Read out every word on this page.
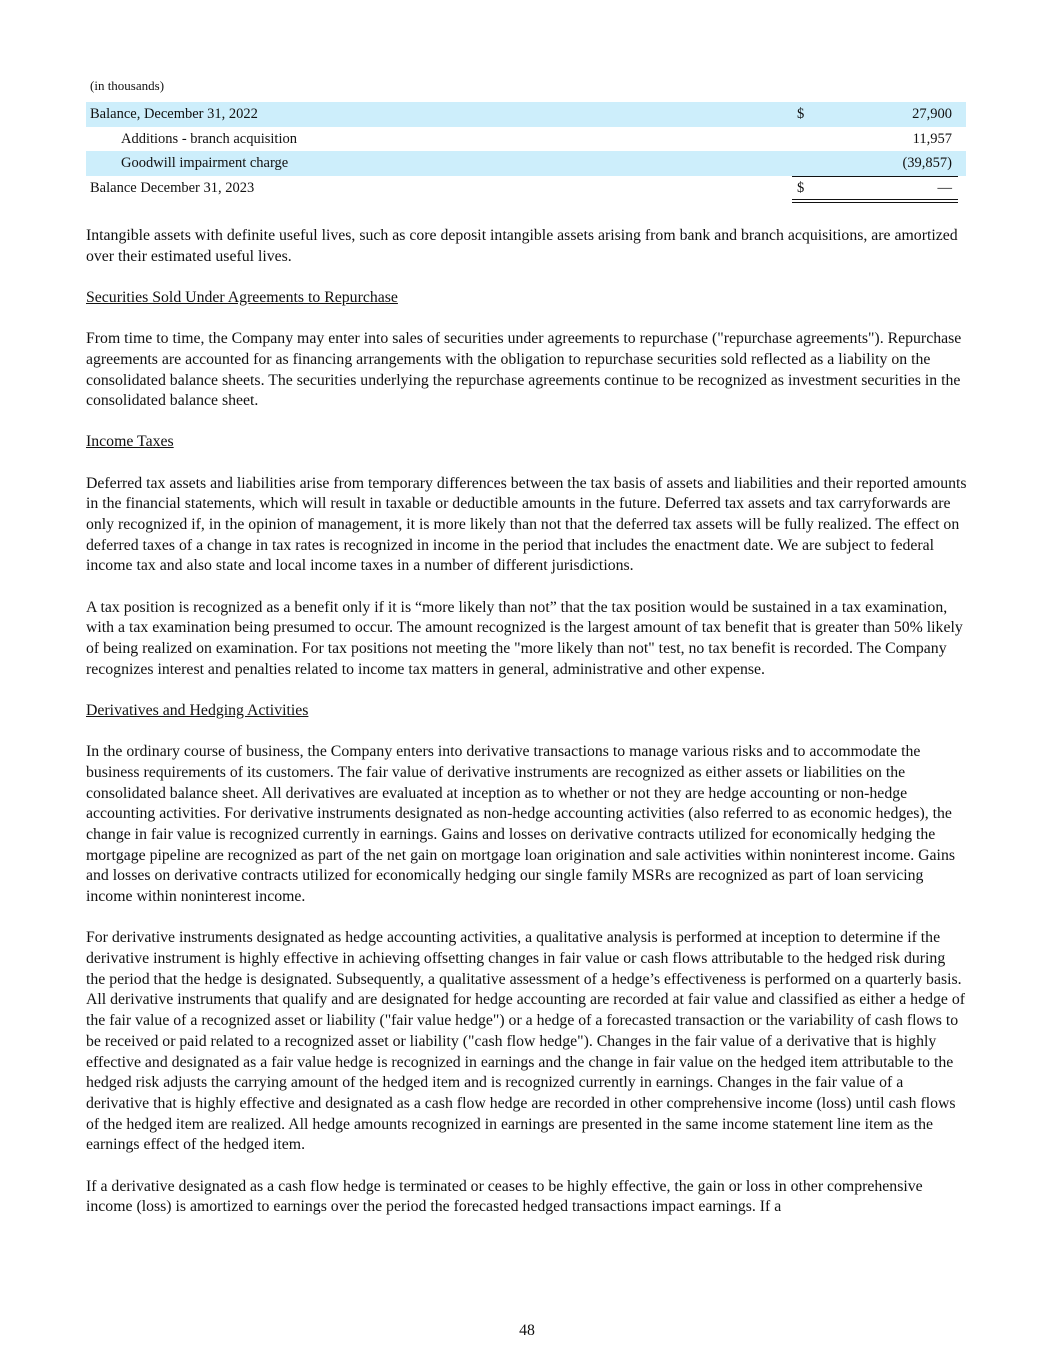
(in thousands)
Balance, December 31, 2022	$	27,900
Additions - branch acquisition	11,957
Goodwill impairment charge	(39,857)
Balance December 31, 2023	$	—

Intangible assets with definite useful lives, such as core deposit intangible assets arising from bank and branch acquisitions, are amortized over their estimated useful lives.

Securities Sold Under Agreements to Repurchase

From time to time, the Company may enter into sales of securities under agreements to repurchase ("repurchase agreements"). Repurchase agreements are accounted for as financing arrangements with the obligation to repurchase securities sold reflected as a liability on the consolidated balance sheets. The securities underlying the repurchase agreements continue to be recognized as investment securities in the consolidated balance sheet.

Income Taxes

Deferred tax assets and liabilities arise from temporary differences between the tax basis of assets and liabilities and their reported amounts in the financial statements, which will result in taxable or deductible amounts in the future. Deferred tax assets and tax carryforwards are only recognized if, in the opinion of management, it is more likely than not that the deferred tax assets will be fully realized. The effect on deferred taxes of a change in tax rates is recognized in income in the period that includes the enactment date. We are subject to federal income tax and also state and local income taxes in a number of different jurisdictions.

A tax position is recognized as a benefit only if it is “more likely than not” that the tax position would be sustained in a tax examination, with a tax examination being presumed to occur. The amount recognized is the largest amount of tax benefit that is greater than 50% likely of being realized on examination. For tax positions not meeting the "more likely than not" test, no tax benefit is recorded. The Company recognizes interest and penalties related to income tax matters in general, administrative and other expense.

Derivatives and Hedging Activities

In the ordinary course of business, the Company enters into derivative transactions to manage various risks and to accommodate the business requirements of its customers. The fair value of derivative instruments are recognized as either assets or liabilities on the consolidated balance sheet. All derivatives are evaluated at inception as to whether or not they are hedge accounting or non-hedge accounting activities. For derivative instruments designated as non-hedge accounting activities (also referred to as economic hedges), the change in fair value is recognized currently in earnings. Gains and losses on derivative contracts utilized for economically hedging the mortgage pipeline are recognized as part of the net gain on mortgage loan origination and sale activities within noninterest income. Gains and losses on derivative contracts utilized for economically hedging our single family MSRs are recognized as part of loan servicing income within noninterest income.

For derivative instruments designated as hedge accounting activities, a qualitative analysis is performed at inception to determine if the derivative instrument is highly effective in achieving offsetting changes in fair value or cash flows attributable to the hedged risk during the period that the hedge is designated. Subsequently, a qualitative assessment of a hedge’s effectiveness is performed on a quarterly basis. All derivative instruments that qualify and are designated for hedge accounting are recorded at fair value and classified as either a hedge of the fair value of a recognized asset or liability ("fair value hedge") or a hedge of a forecasted transaction or the variability of cash flows to be received or paid related to a recognized asset or liability ("cash flow hedge"). Changes in the fair value of a derivative that is highly effective and designated as a fair value hedge is recognized in earnings and the change in fair value on the hedged item attributable to the hedged risk adjusts the carrying amount of the hedged item and is recognized currently in earnings. Changes in the fair value of a derivative that is highly effective and designated as a cash flow hedge are recorded in other comprehensive income (loss) until cash flows of the hedged item are realized. All hedge amounts recognized in earnings are presented in the same income statement line item as the earnings effect of the hedged item.

If a derivative designated as a cash flow hedge is terminated or ceases to be highly effective, the gain or loss in other comprehensive income (loss) is amortized to earnings over the period the forecasted hedged transactions impact earnings. If a

48
